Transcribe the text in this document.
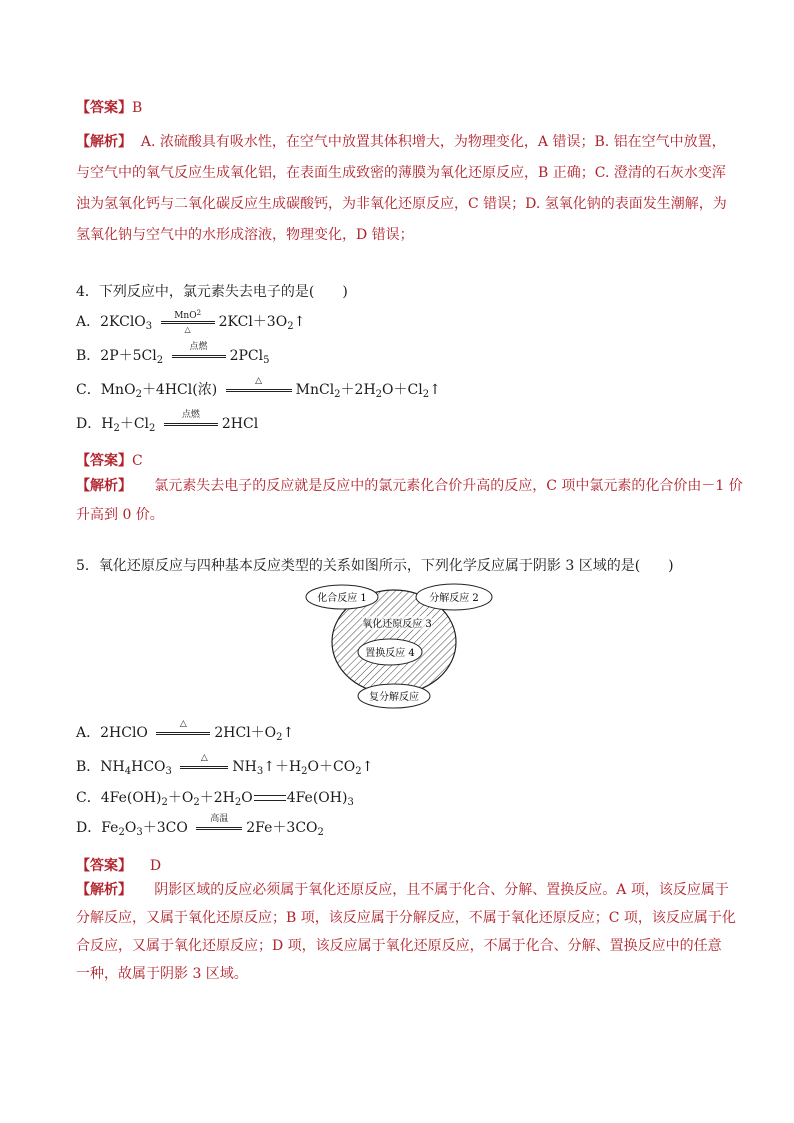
【答案】B
【解析】 A. 浓硫酸具有吸水性，在空气中放置其体积增大，为物理变化，A 错误；B. 铝在空气中放置，
与空气中的氧气反应生成氧化铝，在表面生成致密的薄膜为氧化还原反应，B 正确；C. 澄清的石灰水变浑
浊为氢氧化钙与二氧化碳反应生成碳酸钙，为非氧化还原反应，C 错误；D. 氢氧化钠的表面发生潮解，为
氢氧化钠与空气中的水形成溶液，物理变化，D 错误；
4．下列反应中，氯元素失去电子的是(　　)
A．2KClO$_3$
MnO$^2$
△	$2KCl+3O_2↑$
B．$2P+5Cl_2$
点燃
2PCl$_5$
C．MnO$_2$＋4HCl(浓)
△
$MnCl_2+2H_2O+Cl_2↑$
D．$H_2+Cl_2$
点燃
2HCl
【答案】C
【解析】 氯元素失去电子的反应就是反应中的氯元素化合价升高的反应，C 项中氯元素的化合价由－1 价
升高到 0 价。
5．氧化还原反应与四种基本反应类型的关系如图所示，下列化学反应属于阴影 3 区域的是(　　)
化合反应 1	分解反应 2
氧化还原反应 3
置换反应 4
复分解反应
A．2HClO
△
$2HCl+O_2↑$
B．$NH_4HCO_3$
△
$NH_3↑+H_2O+CO_2↑$
C．$4Fe(OH)_2+O_2+2H_2O$ $4Fe(OH)_3$
D．$Fe_2O_3+3CO$
高温
$2Fe+3CO_2$
【答案】 D
【解析】 阴影区域的反应必须属于氧化还原反应，且不属于化合、分解、置换反应。A 项，该反应属于
分解反应，又属于氧化还原反应；B 项，该反应属于分解反应，不属于氧化还原反应；C 项，该反应属于化
合反应，又属于氧化还原反应；D 项，该反应属于氧化还原反应，不属于化合、分解、置换反应中的任意
一种，故属于阴影 3 区域。
